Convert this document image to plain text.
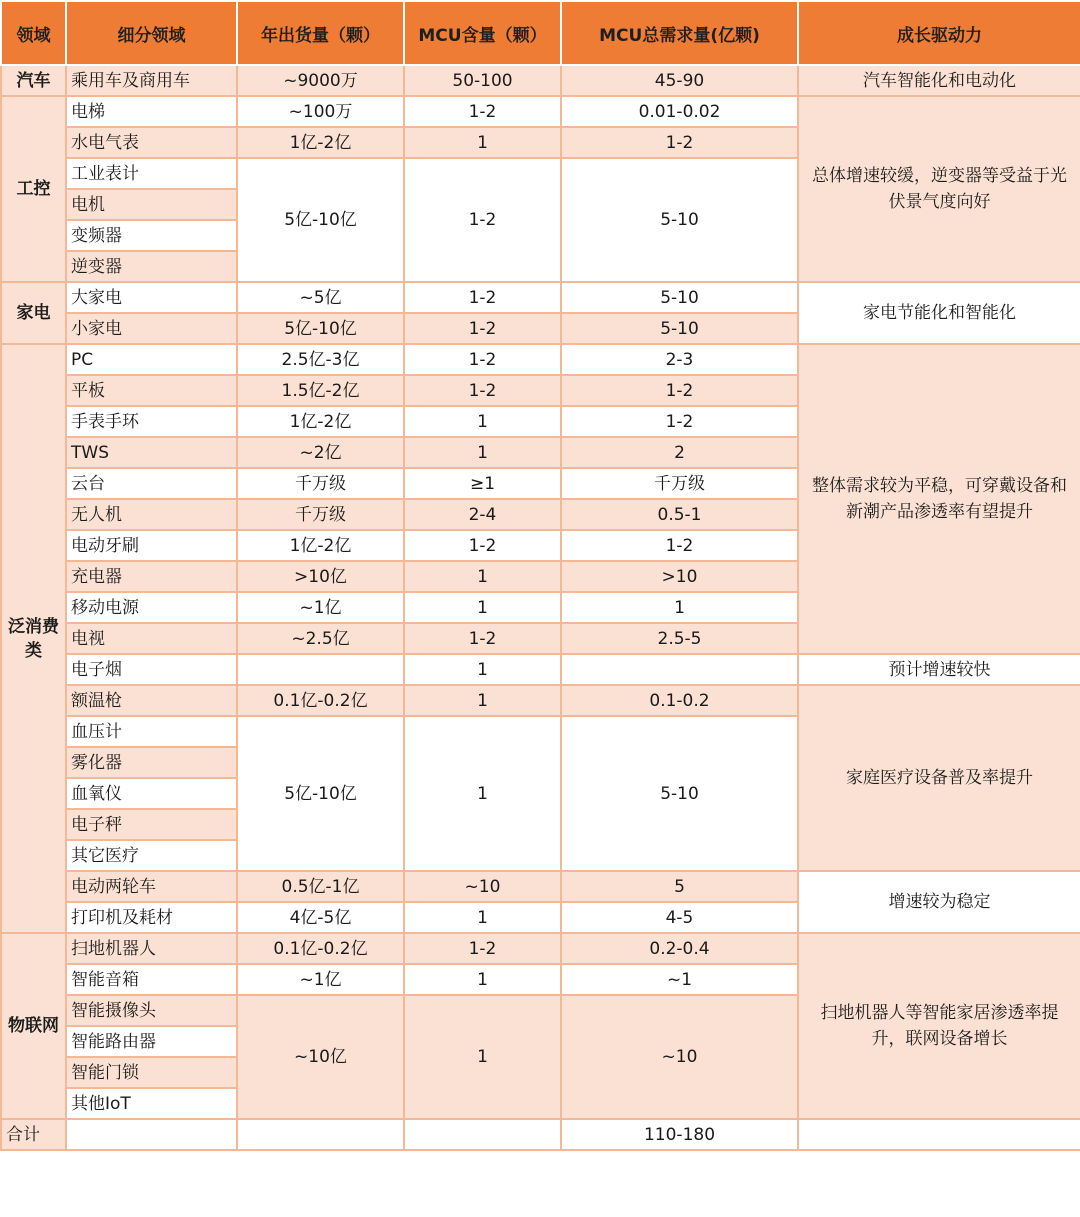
领域	细分领域	年出货量（颗）	MCU含量（颗）	MCU总需求量(亿颗)	成长驱动力
汽车	乘用车及商用车	~9000万	50-100	45-90	汽车智能化和电动化
工控	电梯	~100万	1-2	0.01-0.02	总体增速较缓，逆变器等受益于光伏景气度向好
	水电气表	1亿-2亿	1	1-2	
	工业表计	5亿-10亿	1-2	5-10	
	电机				
	变频器				
	逆变器				
家电	大家电	~5亿	1-2	5-10	家电节能化和智能化
	小家电	5亿-10亿	1-2	5-10	
泛消费类	PC	2.5亿-3亿	1-2	2-3	整体需求较为平稳，可穿戴设备和新潮产品渗透率有望提升
	平板	1.5亿-2亿	1-2	1-2	
	手表手环	1亿-2亿	1	1-2	
	TWS	~2亿	1	2	
	云台	千万级	≥1	千万级	
	无人机	千万级	2-4	0.5-1	
	电动牙刷	1亿-2亿	1-2	1-2	
	充电器	>10亿	1	>10	
	移动电源	~1亿	1	1	
	电视	~2.5亿	1-2	2.5-5	
	电子烟		1		预计增速较快
	额温枪	0.1亿-0.2亿	1	0.1-0.2	家庭医疗设备普及率提升
	血压计	5亿-10亿	1	5-10	
	雾化器				
	血氧仪				
	电子秤				
	其它医疗				
	电动两轮车	0.5亿-1亿	~10	5	增速较为稳定
	打印机及耗材	4亿-5亿	1	4-5	
物联网	扫地机器人	0.1亿-0.2亿	1-2	0.2-0.4	扫地机器人等智能家居渗透率提升，联网设备增长
	智能音箱	~1亿	1	~1	
	智能摄像头	~10亿	1	~10	
	智能路由器				
	智能门锁				
	其他IoT				
合计				110-180	
